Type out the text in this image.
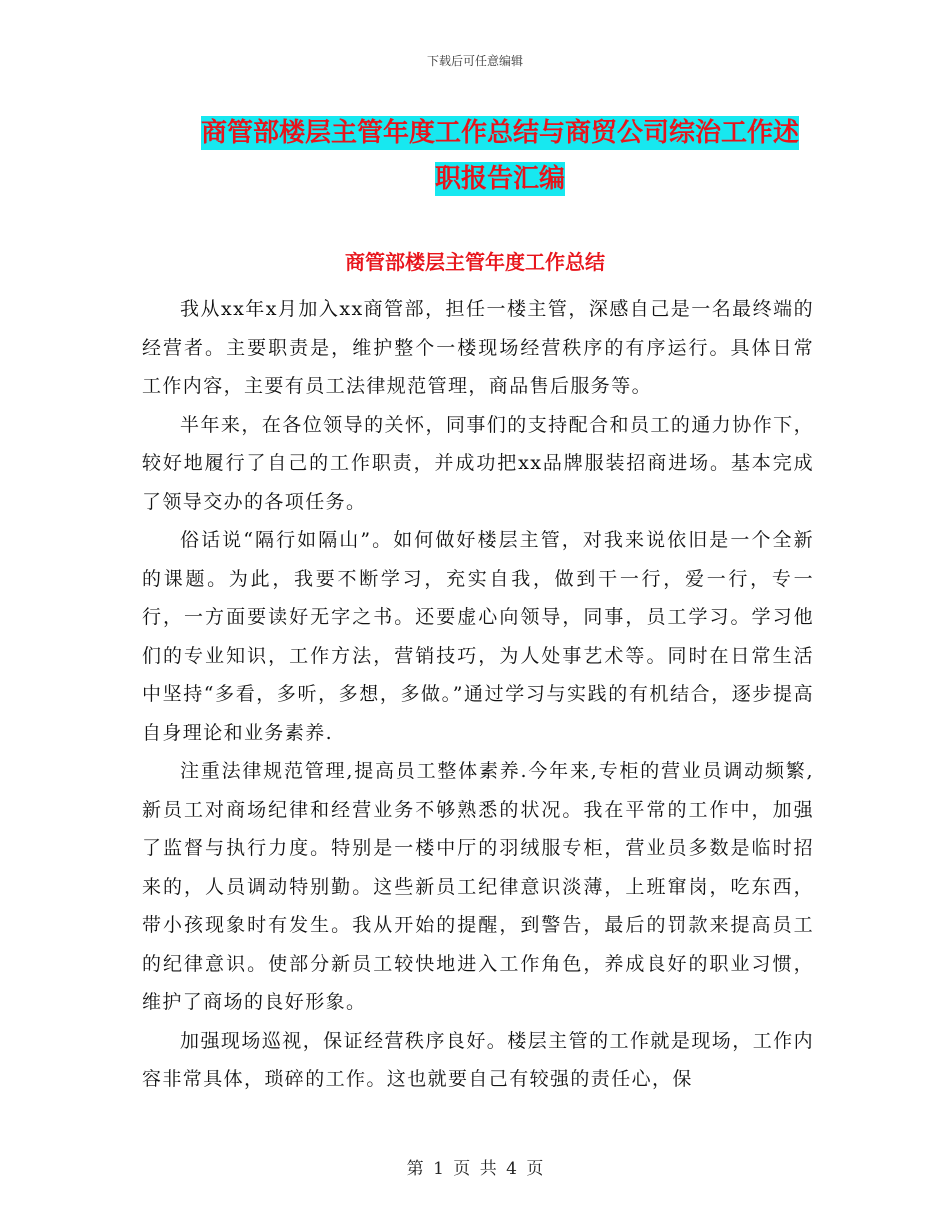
下载后可任意编辑
商管部楼层主管年度工作总结与商贸公司综治工作述
职报告汇编
商管部楼层主管年度工作总结

我从xx年x月加入xx商管部，担任一楼主管，深感自己是一名最终端的经营者。主要职责是，维护整个一楼现场经营秩序的有序运行。具体日常工作内容，主要有员工法律规范管理，商品售后服务等。

半年来，在各位领导的关怀，同事们的支持配合和员工的通力协作下，较好地履行了自己的工作职责，并成功把xx品牌服装招商进场。基本完成了领导交办的各项任务。

俗话说“隔行如隔山”。如何做好楼层主管，对我来说依旧是一个全新的课题。为此，我要不断学习，充实自我，做到干一行，爱一行，专一行，一方面要读好无字之书。还要虚心向领导，同事，员工学习。学习他们的专业知识，工作方法，营销技巧，为人处事艺术等。同时在日常生活中坚持“多看，多听，多想，多做。”通过学习与实践的有机结合，逐步提高自身理论和业务素养.

注重法律规范管理,提高员工整体素养.今年来,专柜的营业员调动频繁,新员工对商场纪律和经营业务不够熟悉的状况。我在平常的工作中，加强了监督与执行力度。特别是一楼中厅的羽绒服专柜，营业员多数是临时招来的，人员调动特别勤。这些新员工纪律意识淡薄，上班窜岗，吃东西，带小孩现象时有发生。我从开始的提醒，到警告，最后的罚款来提高员工的纪律意识。使部分新员工较快地进入工作角色，养成良好的职业习惯，维护了商场的良好形象。

加强现场巡视，保证经营秩序良好。楼层主管的工作就是现场，工作内容非常具体，琐碎的工作。这也就要自己有较强的责任心，保

第 1 页 共 4 页
